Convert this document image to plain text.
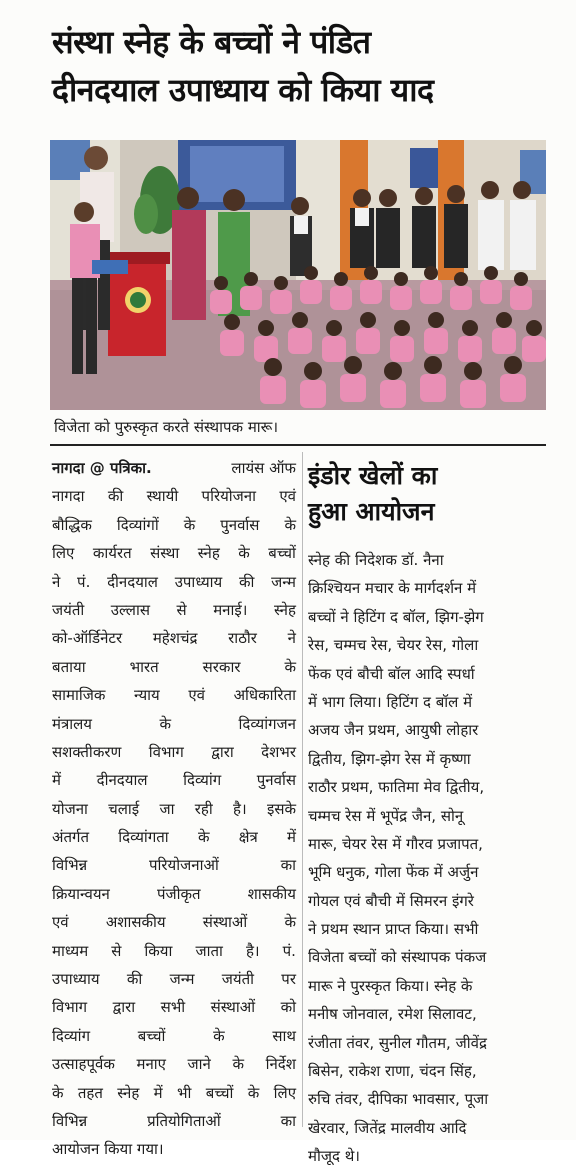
संस्था स्नेह के बच्चों ने पंडित
दीनदयाल उपाध्याय को किया याद
विजेता को पुरुस्कृत करते संस्थापक मारू।
नागदा @ पत्रिका.	लायंस ऑफ
नागदा की स्थायी परियोजना एवं
बौद्धिक दिव्यांगों के पुनर्वास के
लिए कार्यरत संस्था स्नेह के बच्चों
ने पं. दीनदयाल उपाध्याय की जन्म
जयंती उल्लास से मनाई। स्नेह
को-ऑर्डिनेटर महेशचंद्र राठौर ने
बताया	भारत	सरकार	के
सामाजिक न्याय एवं अधिकारिता
मंत्रालय	के	दिव्यांगजन
सशक्तीकरण विभाग द्वारा देशभर
में दीनदयाल दिव्यांग पुनर्वास
योजना चलाई जा रही है। इसके
अंतर्गत दिव्यांगता के क्षेत्र में
विभिन्न	परियोजनाओं	का
क्रियान्वयन	पंजीकृत	शासकीय
एवं अशासकीय संस्थाओं के
माध्यम से किया जाता है। पं.
उपाध्याय की जन्म जयंती पर
विभाग द्वारा सभी संस्थाओं को
दिव्यांग	बच्चों	के	साथ
उत्साहपूर्वक मनाए जाने के निर्देश
के तहत स्नेह में भी बच्चों के लिए
विभिन्न	प्रतियोगिताओं	का
आयोजन किया गया।
इंडोर खेलों का
हुआ आयोजन
स्नेह की निदेशक डॉ. नैना
क्रिश्चियन मचार के मार्गदर्शन में
बच्चों ने हिटिंग द बॉल, झिग-झेग
रेस, चम्मच रेस, चेयर रेस, गोला
फेंक एवं बौची बॉल आदि स्पर्धा
में भाग लिया। हिटिंग द बॉल में
अजय जैन प्रथम, आयुषी लोहार
द्वितीय, झिग-झेग रेस में कृष्णा
राठौर प्रथम, फातिमा मेव द्वितीय,
चम्मच रेस में भूपेंद्र जैन, सोनू
मारू, चेयर रेस में गौरव प्रजापत,
भूमि धनुक, गोला फेंक में अर्जुन
गोयल एवं बौची में सिमरन इंगरे
ने प्रथम स्थान प्राप्त किया। सभी
विजेता बच्चों को संस्थापक पंकज
मारू ने पुरस्कृत किया। स्नेह के
मनीष जोनवाल, रमेश सिलावट,
रंजीता तंवर, सुनील गौतम, जीवेंद्र
बिसेन, राकेश राणा, चंदन सिंह,
रुचि तंवर, दीपिका भावसार, पूजा
खेरवार, जितेंद्र मालवीय आदि
मौजूद थे।
